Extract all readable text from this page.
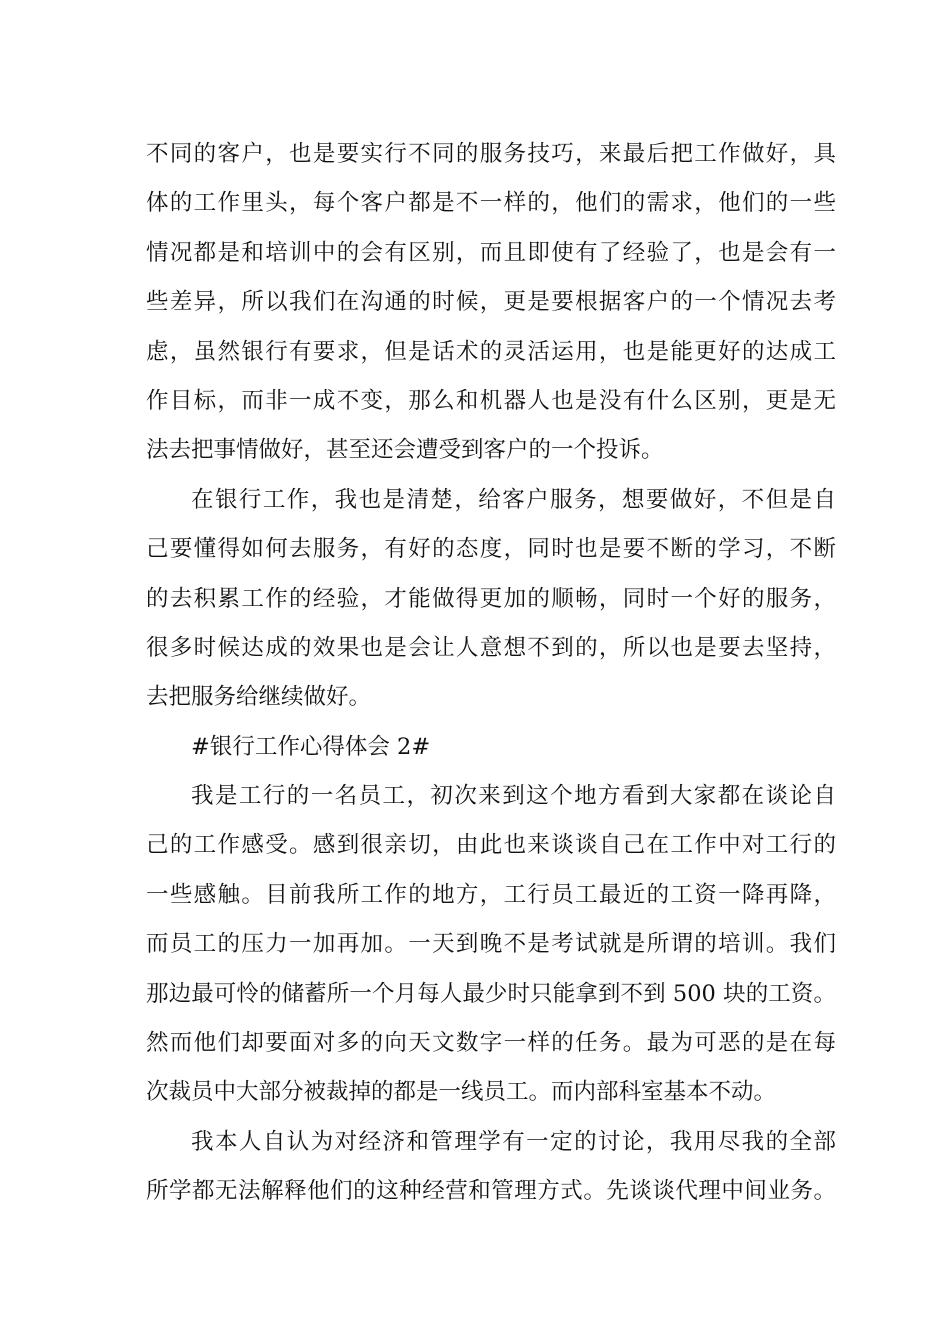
不同的客户，也是要实行不同的服务技巧，来最后把工作做好，具
体的工作里头，每个客户都是不一样的，他们的需求，他们的一些
情况都是和培训中的会有区别，而且即使有了经验了，也是会有一
些差异，所以我们在沟通的时候，更是要根据客户的一个情况去考
虑，虽然银行有要求，但是话术的灵活运用，也是能更好的达成工
作目标，而非一成不变，那么和机器人也是没有什么区别，更是无
法去把事情做好，甚至还会遭受到客户的一个投诉。
在银行工作，我也是清楚，给客户服务，想要做好，不但是自
己要懂得如何去服务，有好的态度，同时也是要不断的学习，不断
的去积累工作的经验，才能做得更加的顺畅，同时一个好的服务，
很多时候达成的效果也是会让人意想不到的，所以也是要去坚持，
去把服务给继续做好。
#银行工作心得体会 2#
我是工行的一名员工，初次来到这个地方看到大家都在谈论自
己的工作感受。感到很亲切，由此也来谈谈自己在工作中对工行的
一些感触。目前我所工作的地方，工行员工最近的工资一降再降，
而员工的压力一加再加。一天到晚不是考试就是所谓的培训。我们
那边最可怜的储蓄所一个月每人最少时只能拿到不到 500 块的工资。
然而他们却要面对多的向天文数字一样的任务。最为可恶的是在每
次裁员中大部分被裁掉的都是一线员工。而内部科室基本不动。
我本人自认为对经济和管理学有一定的讨论，我用尽我的全部
所学都无法解释他们的这种经营和管理方式。先谈谈代理中间业务。
